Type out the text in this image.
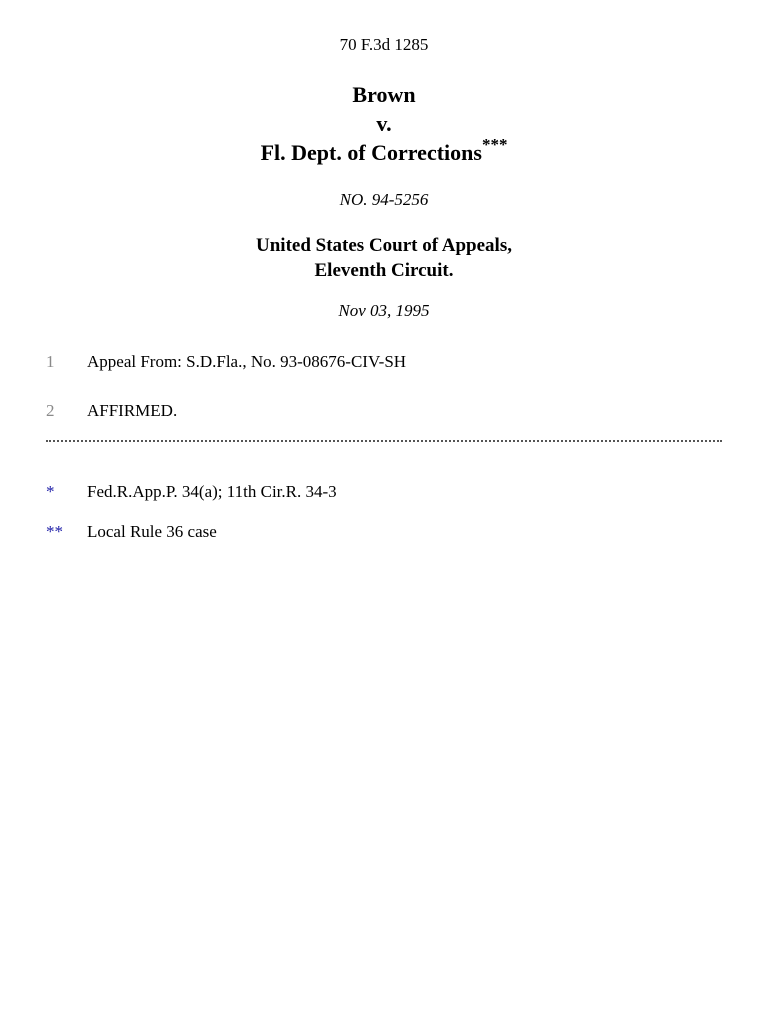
70 F.3d 1285
Brown
v.
Fl. Dept. of Corrections***
NO. 94-5256
United States Court of Appeals,
Eleventh Circuit.
Nov 03, 1995
1 Appeal From: S.D.Fla., No. 93-08676-CIV-SH
2 AFFIRMED.
* Fed.R.App.P. 34(a); 11th Cir.R. 34-3
** Local Rule 36 case
